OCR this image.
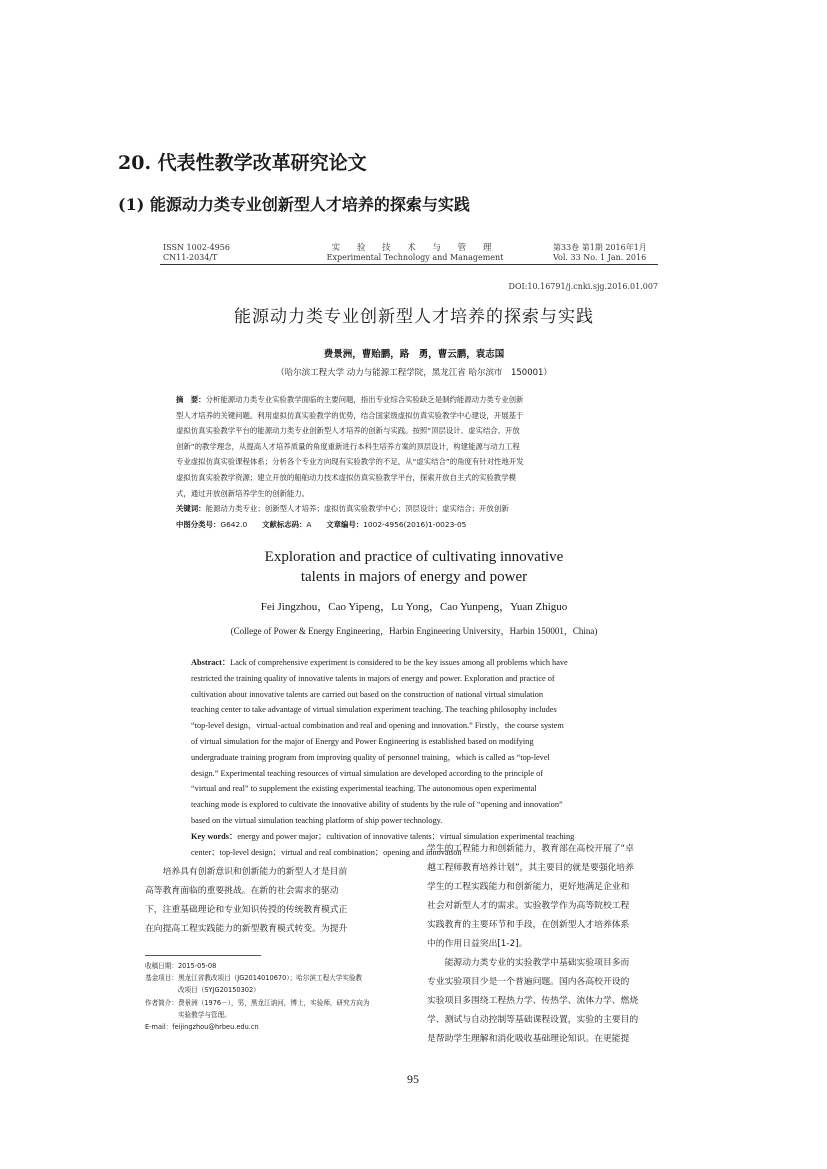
20. 代表性教学改革研究论文
(1) 能源动力类专业创新型人才培养的探索与实践
ISSN 1002-4956
CN11-2034/T
实 验 技 术 与 管 理
Experimental Technology and Management
第33卷 第1期 2016年1月
Vol. 33 No. 1 Jan. 2016
DOI:10.16791/j.cnki.sjg.2016.01.007
能源动力类专业创新型人才培养的探索与实践
费景洲，曹贻鹏，路　勇，曹云鹏，袁志国
（哈尔滨工程大学 动力与能源工程学院，黑龙江省 哈尔滨市　150001）
摘　要：分析能源动力类专业实验教学面临的主要问题，指出专业综合实验缺乏是制约能源动力类专业创新
型人才培养的关键问题。利用虚拟仿真实验教学的优势，结合国家级虚拟仿真实验教学中心建设，开展基于
虚拟仿真实验教学平台的能源动力类专业创新型人才培养的创新与实践。按照“顶层设计、虚实结合、开放
创新”的教学理念，从提高人才培养质量的角度重新进行本科生培养方案的顶层设计，构建能源与动力工程
专业虚拟仿真实验课程体系；分析各个专业方向现有实验教学的不足，从“虚实结合”的角度有针对性地开发
虚拟仿真实验教学资源；建立开放的船舶动力技术虚拟仿真实验教学平台，探索开放自主式的实验教学模
式，通过开放创新培养学生的创新能力。
关键词：能源动力类专业；创新型人才培养；虚拟仿真实验教学中心；顶层设计；虚实结合；开放创新
中图分类号：G642.0　　 文献标志码：A　　 文章编号：1002-4956(2016)1-0023-05
Exploration and practice of cultivating innovative
talents in majors of energy and power
Fei Jingzhou，Cao Yipeng，Lu Yong，Cao Yunpeng，Yuan Zhiguo
(College of Power & Energy Engineering，Harbin Engineering University，Harbin 150001，China)
Abstract：Lack of comprehensive experiment is considered to be the key issues among all problems which have
restricted the training quality of innovative talents in majors of energy and power. Exploration and practice of
cultivation about innovative talents are carried out based on the construction of national virtual simulation
teaching center to take advantage of virtual simulation experiment teaching. The teaching philosophy includes
“top-level design，virtual-actual combination and real and opening and innovation.” Firstly，the course system
of virtual simulation for the major of Energy and Power Engineering is established based on modifying
undergraduate training program from improving quality of personnel training，which is called as “top-level
design.” Experimental teaching resources of virtual simulation are developed according to the principle of
“virtual and real” to supplement the existing experimental teaching. The autonomous open experimental
teaching mode is explored to cultivate the innovative ability of students by the rule of “opening and innovation”
based on the virtual simulation teaching platform of ship power technology.
Key words：energy and power major；cultivation of innovative talents；virtual simulation experimental teaching
center；top-level design；virtual and real combination；opening and innovation
　　培养具有创新意识和创新能力的新型人才是目前
高等教育面临的重要挑战。在新的社会需求的驱动
下，注重基础理论和专业知识传授的传统教育模式正
在向提高工程实践能力的新型教育模式转变。为提升
收稿日期：2015-05-08
基金项目：黑龙江省教改项目（JG2014010670）；哈尔滨工程大学实验教
　　　　　改项目（SYJG20150302）
作者简介：费景洲（1976－），男，黑龙江讷河，博士，实验师，研究方向为
　　　　　实验教学与管理。
E-mail：feijingzhou@hrbeu.edu.cn
学生的工程能力和创新能力，教育部在高校开展了“卓
越工程师教育培养计划”，其主要目的就是要强化培养
学生的工程实践能力和创新能力，更好地满足企业和
社会对新型人才的需求。实验教学作为高等院校工程
实践教育的主要环节和手段，在创新型人才培养体系
中的作用日益突出[1-2]。
　　能源动力类专业的实验教学中基础实验项目多而
专业实验项目少是一个普遍问题。国内各高校开设的
实验项目多围绕工程热力学、传热学、流体力学、燃烧
学、测试与自动控制等基础课程设置，实验的主要目的
是帮助学生理解和消化吸收基础理论知识。在更能提
95
